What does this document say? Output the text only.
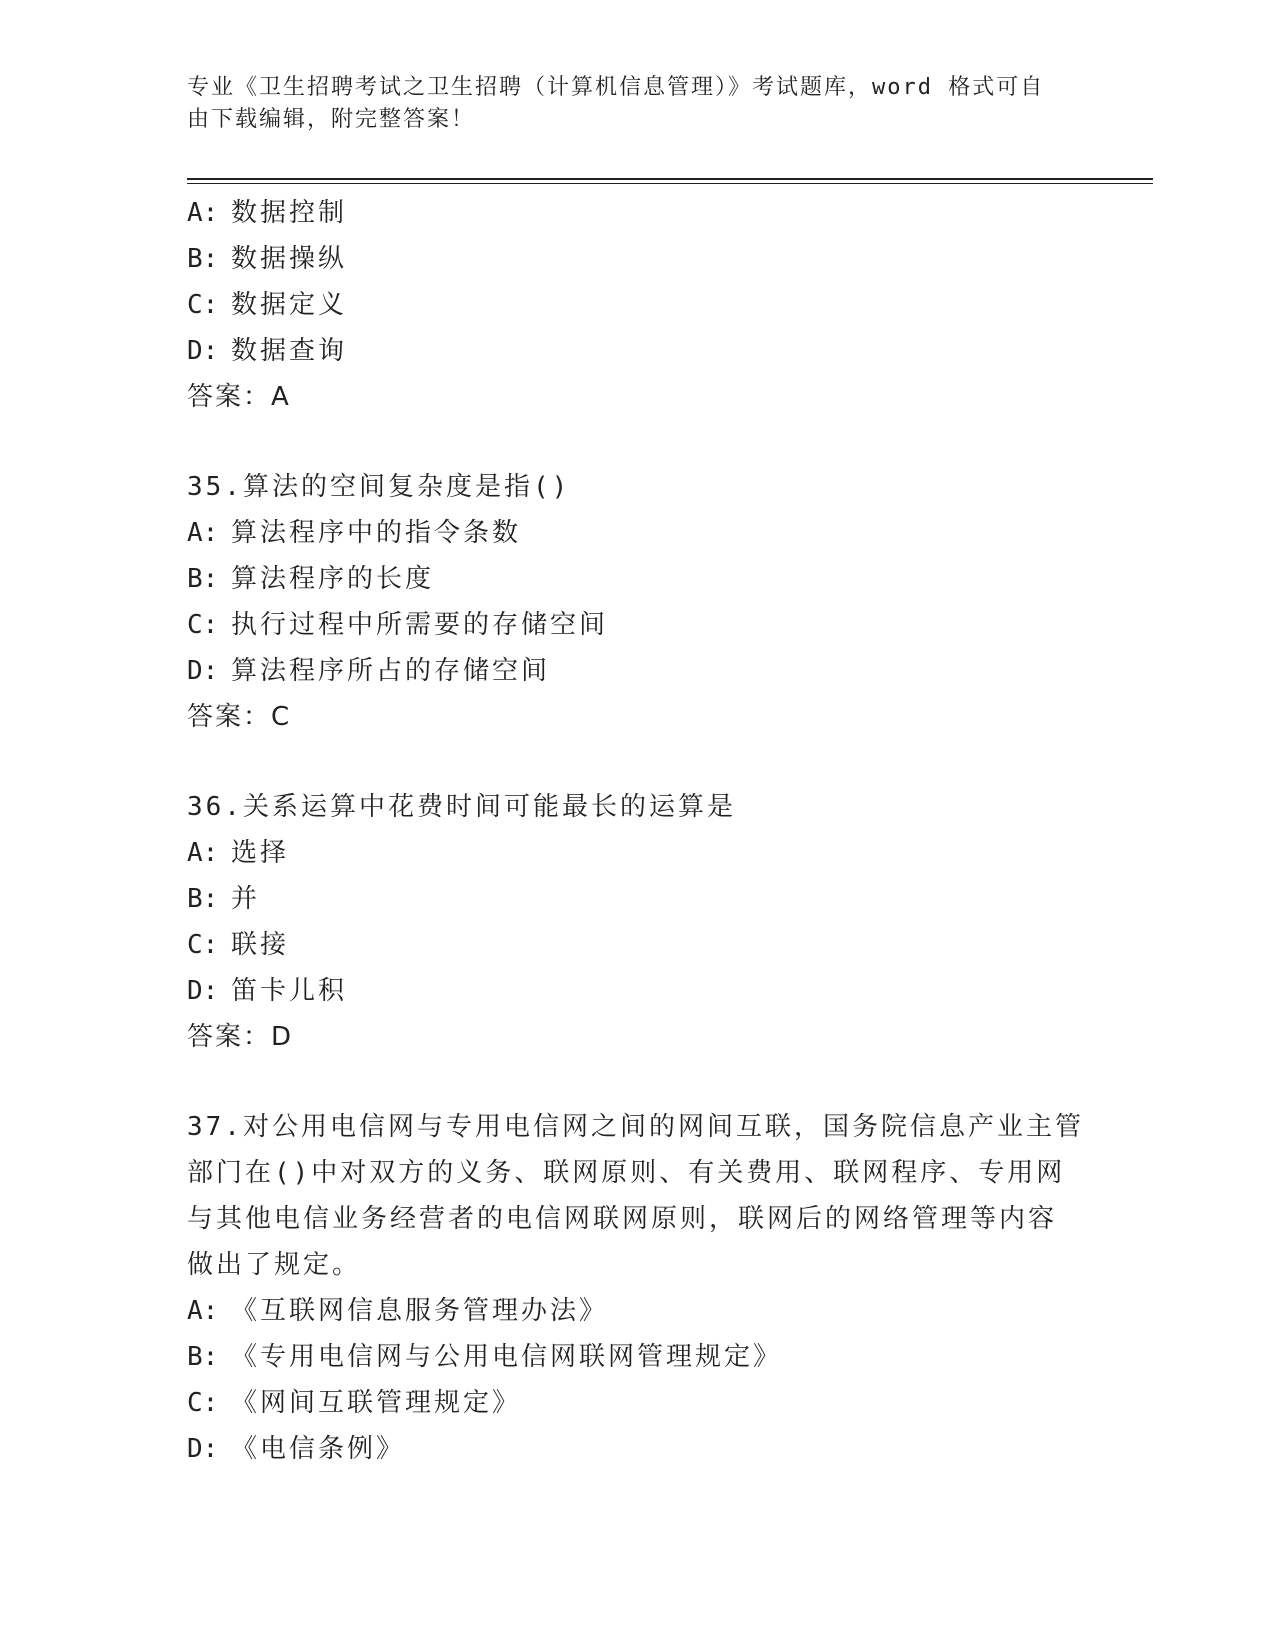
专业《卫生招聘考试之卫生招聘（计算机信息管理）》考试题库，word 格式可自
由下载编辑，附完整答案！
A: 数据控制
B: 数据操纵
C: 数据定义
D: 数据查询
答案：A
35.算法的空间复杂度是指()
A: 算法程序中的指令条数
B: 算法程序的长度
C: 执行过程中所需要的存储空间
D: 算法程序所占的存储空间
答案：C
36.关系运算中花费时间可能最长的运算是
A: 选择
B: 并
C: 联接
D: 笛卡儿积
答案：D
37.对公用电信网与专用电信网之间的网间互联，国务院信息产业主管
部门在()中对双方的义务、联网原则、有关费用、联网程序、专用网
与其他电信业务经营者的电信网联网原则，联网后的网络管理等内容
做出了规定。
A: 《互联网信息服务管理办法》
B: 《专用电信网与公用电信网联网管理规定》
C: 《网间互联管理规定》
D: 《电信条例》
